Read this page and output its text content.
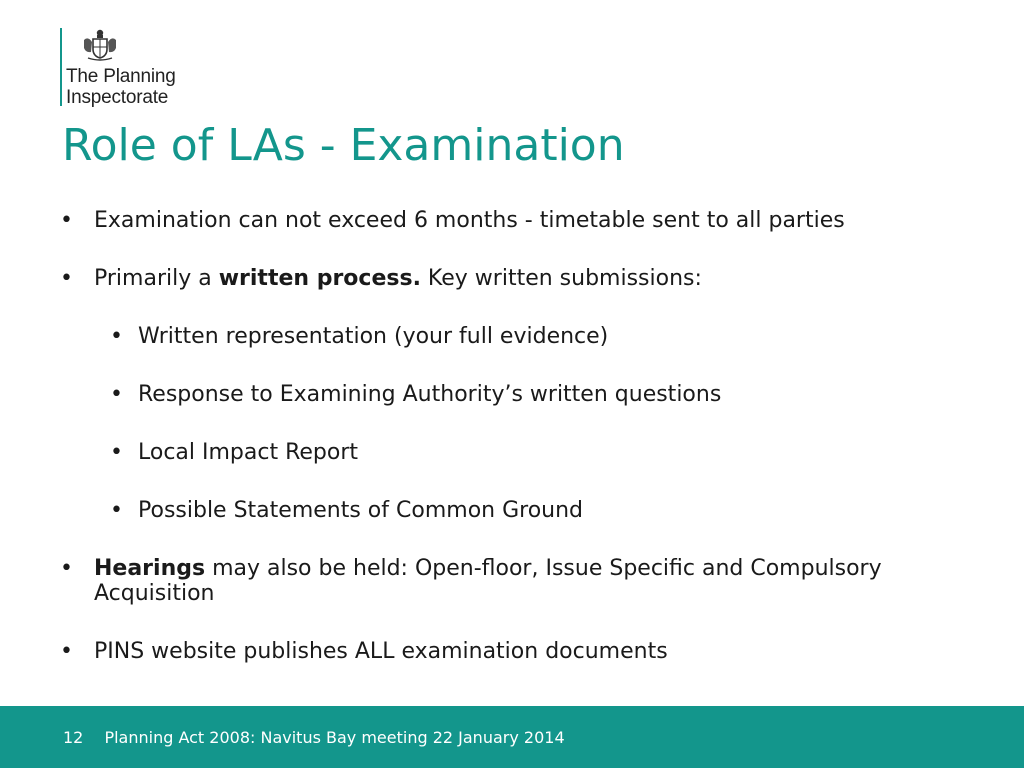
The Planning
Inspectorate
Role of LAs - Examination
• Examination can not exceed 6 months - timetable sent to all parties
• Primarily a written process. Key written submissions:
• Written representation (your full evidence)
• Response to Examining Authority’s written questions
• Local Impact Report
• Possible Statements of Common Ground
• Hearings may also be held: Open-floor, Issue Specific and Compulsory Acquisition
• PINS website publishes ALL examination documents
12 Planning Act 2008: Navitus Bay meeting 22 January 2014
